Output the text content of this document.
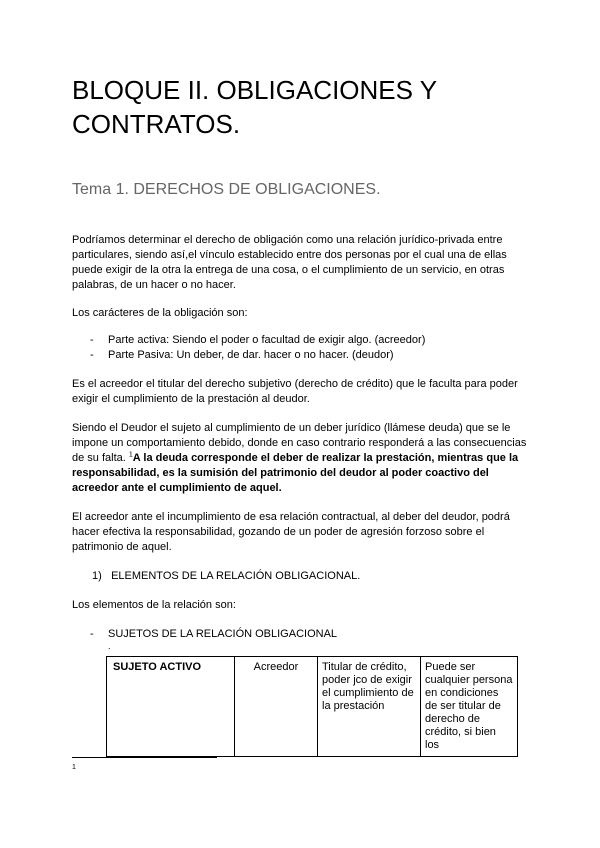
BLOQUE II. OBLIGACIONES Y CONTRATOS.
Tema 1. DERECHOS DE OBLIGACIONES.

Podríamos determinar el derecho de obligación como una relación jurídico-privada entre particulares, siendo así,el vínculo establecido entre dos personas por el cual una de ellas puede exigir de la otra la entrega de una cosa, o el cumplimiento de un servicio, en otras palabras, de un hacer o no hacer.

Los carácteres de la obligación son:

- Parte activa: Siendo el poder o facultad de exigir algo. (acreedor)
- Parte Pasiva: Un deber, de dar. hacer o no hacer. (deudor)

Es el acreedor el titular del derecho subjetivo (derecho de crédito) que le faculta para poder exigir el cumplimiento de la prestación al deudor.

Siendo el Deudor el sujeto al cumplimiento de un deber jurídico (llámese deuda) que se le impone un comportamiento debido, donde en caso contrario responderá a las consecuencias de su falta. $^1$A la deuda corresponde el deber de realizar la prestación, mientras que la responsabilidad, es la sumisión del patrimonio del deudor al poder coactivo del acreedor ante el cumplimiento de aquel.

El acreedor ante el incumplimiento de esa relación contractual, al deber del deudor, podrá hacer efectiva la responsabilidad, gozando de un poder de agresión forzoso sobre el patrimonio de aquel.

1) ELEMENTOS DE LA RELACIÓN OBLIGACIONAL.

Los elementos de la relación son:

- SUJETOS DE LA RELACIÓN OBLIGACIONAL
.
SUJETO ACTIVO	Acreedor	Titular de crédito, poder jco de exigir el cumplimiento de la prestación	Puede ser cualquier persona en condiciones de ser titular de derecho de crédito, si bien los
1
